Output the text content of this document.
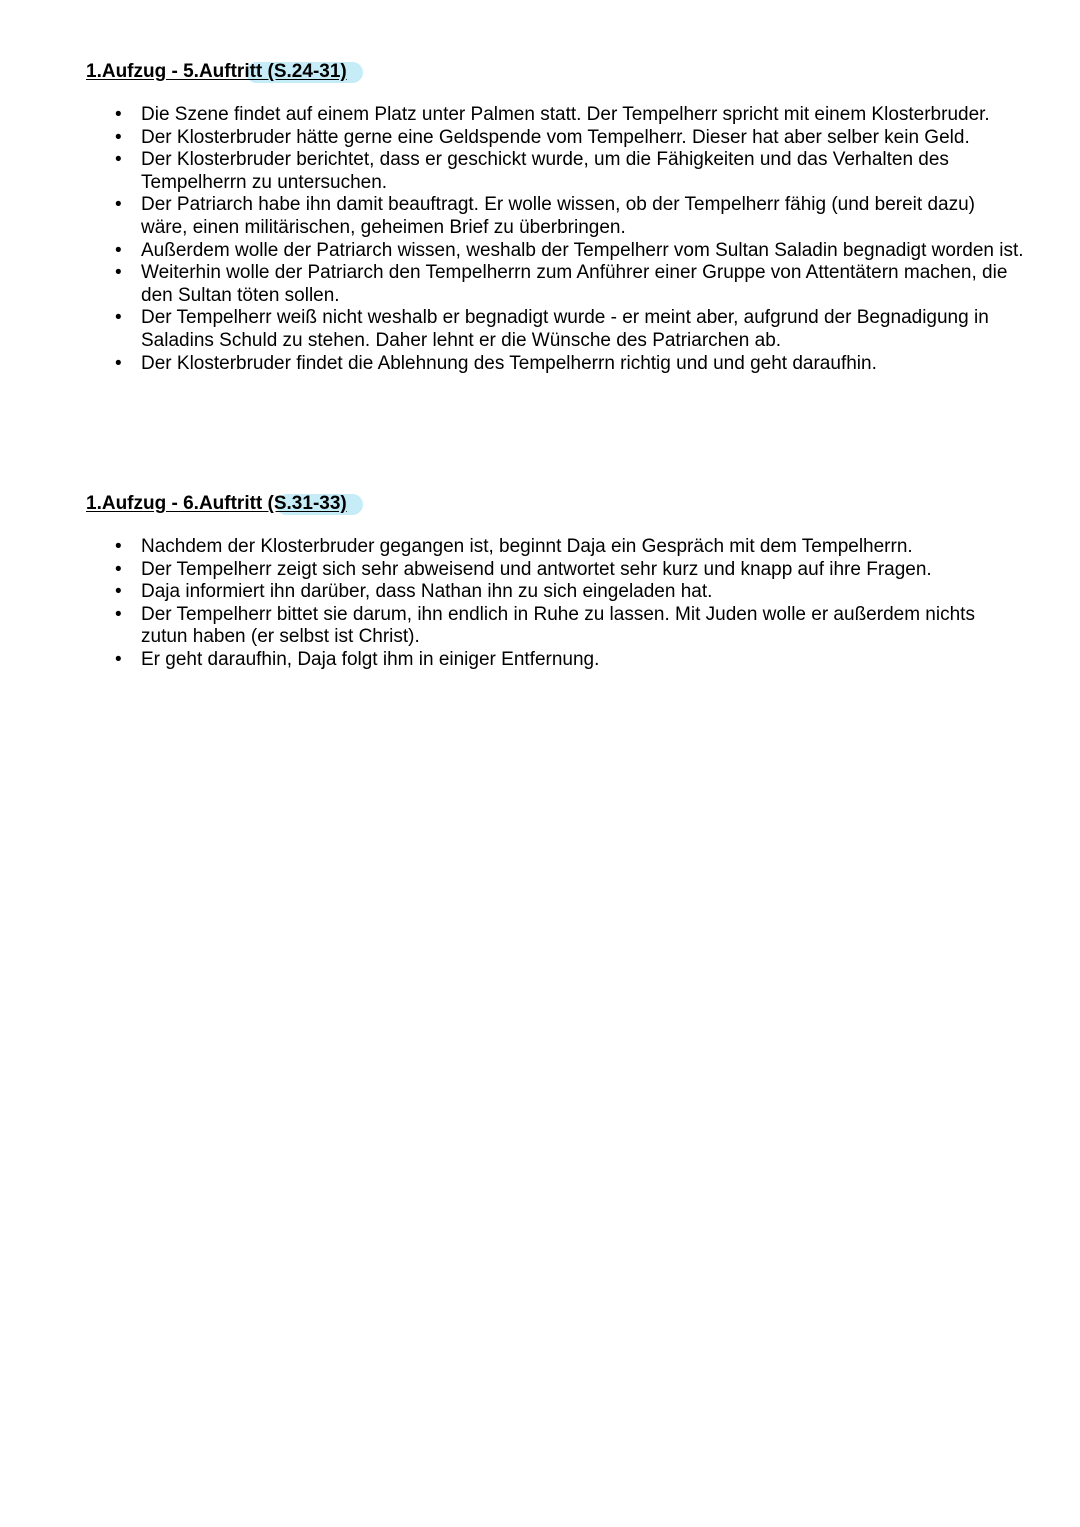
1.Aufzug - 5.Auftritt (S.24-31)
• Die Szene findet auf einem Platz unter Palmen statt. Der Tempelherr spricht mit einem Klosterbruder.
• Der Klosterbruder hätte gerne eine Geldspende vom Tempelherr. Dieser hat aber selber kein Geld.
• Der Klosterbruder berichtet, dass er geschickt wurde, um die Fähigkeiten und das Verhalten des Tempelherrn zu untersuchen.
• Der Patriarch habe ihn damit beauftragt. Er wolle wissen, ob der Tempelherr fähig (und bereit dazu) wäre, einen militärischen, geheimen Brief zu überbringen.
• Außerdem wolle der Patriarch wissen, weshalb der Tempelherr vom Sultan Saladin begnadigt worden ist.
• Weiterhin wolle der Patriarch den Tempelherrn zum Anführer einer Gruppe von Attentätern machen, die den Sultan töten sollen.
• Der Tempelherr weiß nicht weshalb er begnadigt wurde - er meint aber, aufgrund der Begnadigung in Saladins Schuld zu stehen. Daher lehnt er die Wünsche des Patriarchen ab.
• Der Klosterbruder findet die Ablehnung des Tempelherrn richtig und und geht daraufhin.
1.Aufzug - 6.Auftritt (S.31-33)
• Nachdem der Klosterbruder gegangen ist, beginnt Daja ein Gespräch mit dem Tempelherrn.
• Der Tempelherr zeigt sich sehr abweisend und antwortet sehr kurz und knapp auf ihre Fragen.
• Daja informiert ihn darüber, dass Nathan ihn zu sich eingeladen hat.
• Der Tempelherr bittet sie darum, ihn endlich in Ruhe zu lassen. Mit Juden wolle er außerdem nichts zutun haben (er selbst ist Christ).
• Er geht daraufhin, Daja folgt ihm in einiger Entfernung.
